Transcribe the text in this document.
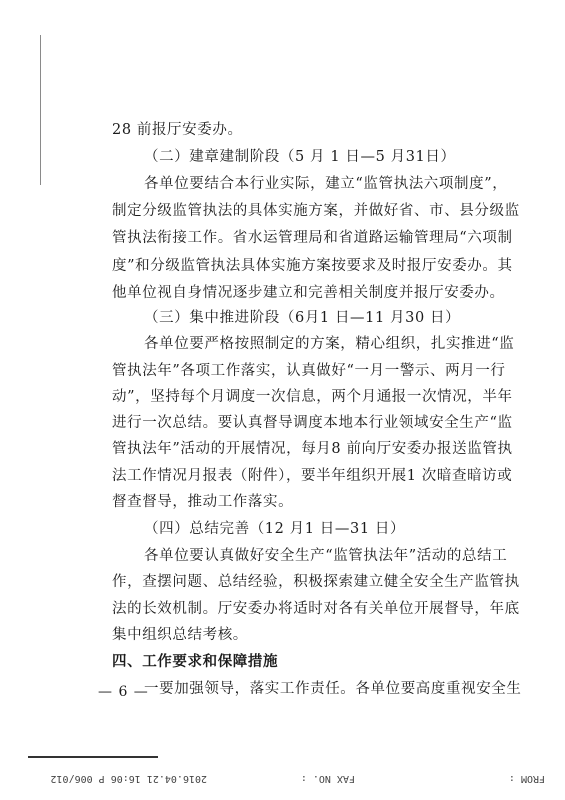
28 前报厅安委办。
（二）建章建制阶段（5 月 1 日—5 月31日）
各单位要结合本行业实际，建立“监管执法六项制度”，
制定分级监管执法的具体实施方案，并做好省、市、县分级监
管执法衔接工作。省水运管理局和省道路运输管理局“六项制
度”和分级监管执法具体实施方案按要求及时报厅安委办。其
他单位视自身情况逐步建立和完善相关制度并报厅安委办。
（三）集中推进阶段（6月1 日—11 月30 日）
各单位要严格按照制定的方案，精心组织，扎实推进“监
管执法年”各项工作落实，认真做好“一月一警示、两月一行
动”，坚持每个月调度一次信息，两个月通报一次情况，半年
进行一次总结。要认真督导调度本地本行业领域安全生产“监
管执法年”活动的开展情况，每月8 前向厅安委办报送监管执
法工作情况月报表（附件），要半年组织开展1 次暗查暗访或
督查督导，推动工作落实。
（四）总结完善（12 月1 日—31 日）
各单位要认真做好安全生产“监管执法年”活动的总结工
作，查摆问题、总结经验，积极探索建立健全安全生产监管执
法的长效机制。厅安委办将适时对各有关单位开展督导，年底
集中组织总结考核。
四、工作要求和保障措施
一要加强领导，落实工作责任。各单位要高度重视安全生
— 6 —
FROM :
FAX NO. :
2016.04.21 16:06 P 006/012
